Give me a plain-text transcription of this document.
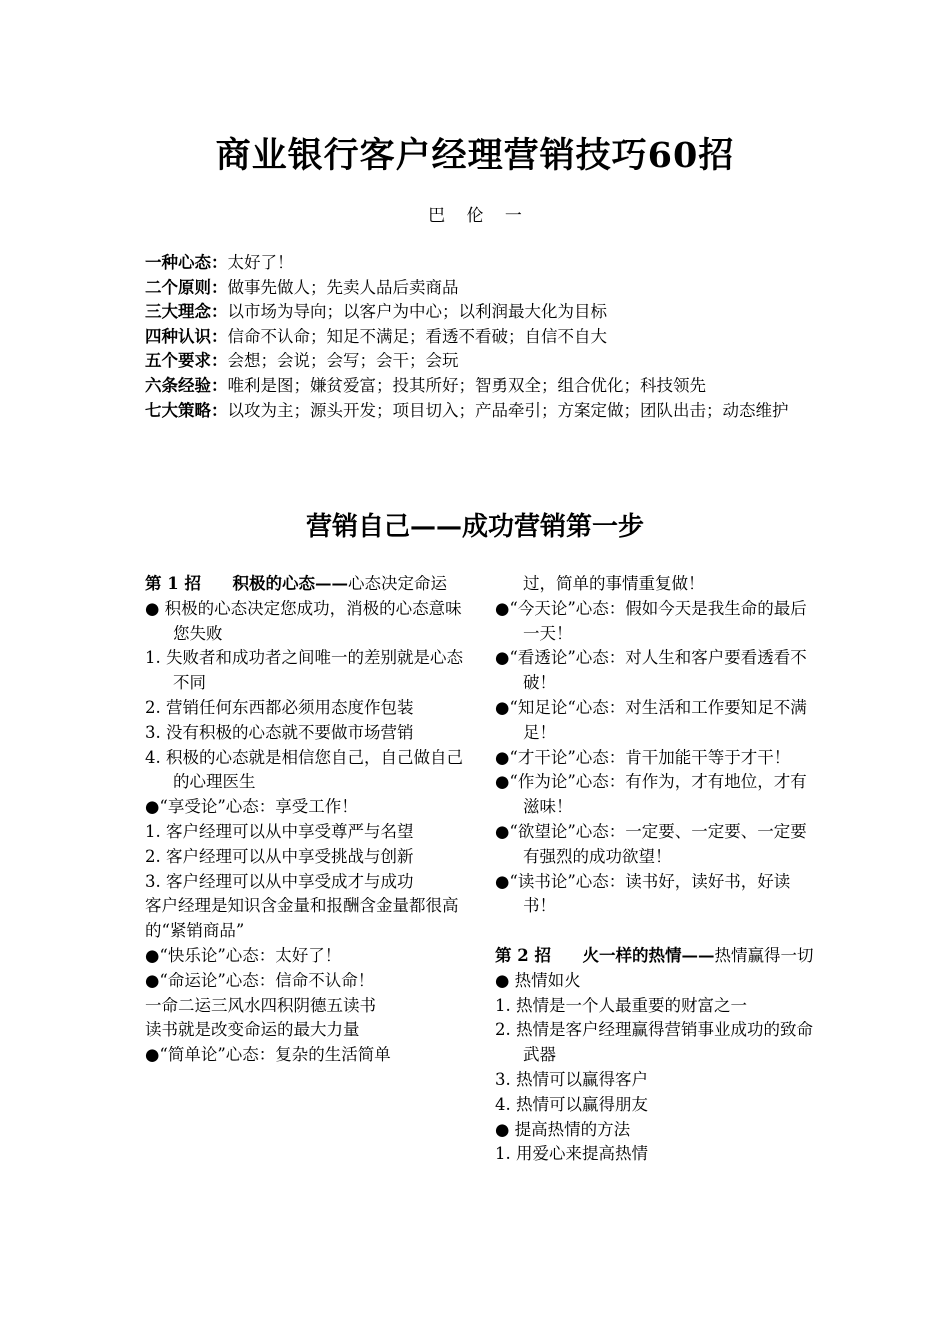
商业银行客户经理营销技巧60招
巴 伦 一
一种心态：太好了！
二个原则：做事先做人；先卖人品后卖商品
三大理念：以市场为导向；以客户为中心；以利润最大化为目标
四种认识：信命不认命；知足不满足；看透不看破；自信不自大
五个要求：会想；会说；会写；会干；会玩
六条经验：唯利是图；嫌贫爱富；投其所好；智勇双全；组合优化；科技领先
七大策略：以攻为主；源头开发；项目切入；产品牵引；方案定做；团队出击；动态维护
营销自己——成功营销第一步

第 1 招 积极的心态——心态决定命运

● 积极的心态决定您成功，消极的心态意味您失败

1. 失败者和成功者之间唯一的差别就是心态不同

2. 营销任何东西都必须用态度作包装

3. 没有积极的心态就不要做市场营销

4. 积极的心态就是相信您自己，自己做自己的心理医生

●“享受论”心态：享受工作！

1. 客户经理可以从中享受尊严与名望

2. 客户经理可以从中享受挑战与创新

3. 客户经理可以从中享受成才与成功

客户经理是知识含金量和报酬含金量都很高的“紧销商品”

●“快乐论”心态：太好了！

●“命运论”心态：信命不认命！

一命二运三风水四积阴德五读书

读书就是改变命运的最大力量

●“简单论”心态：复杂的生活简单

过，简单的事情重复做！

●“今天论”心态：假如今天是我生命的最后一天！

●“看透论”心态：对人生和客户要看透看不破！

●“知足论“心态：对生活和工作要知足不满足！

●“才干论”心态：肯干加能干等于才干！

●“作为论”心态：有作为，才有地位，才有滋味！

●“欲望论”心态：一定要、一定要、一定要有强烈的成功欲望！

●“读书论”心态：读书好，读好书，好读书！

第 2 招 火一样的热情——热情赢得一切

● 热情如火

1. 热情是一个人最重要的财富之一

2. 热情是客户经理赢得营销事业成功的致命武器

3. 热情可以赢得客户

4. 热情可以赢得朋友

● 提高热情的方法

1. 用爱心来提高热情
